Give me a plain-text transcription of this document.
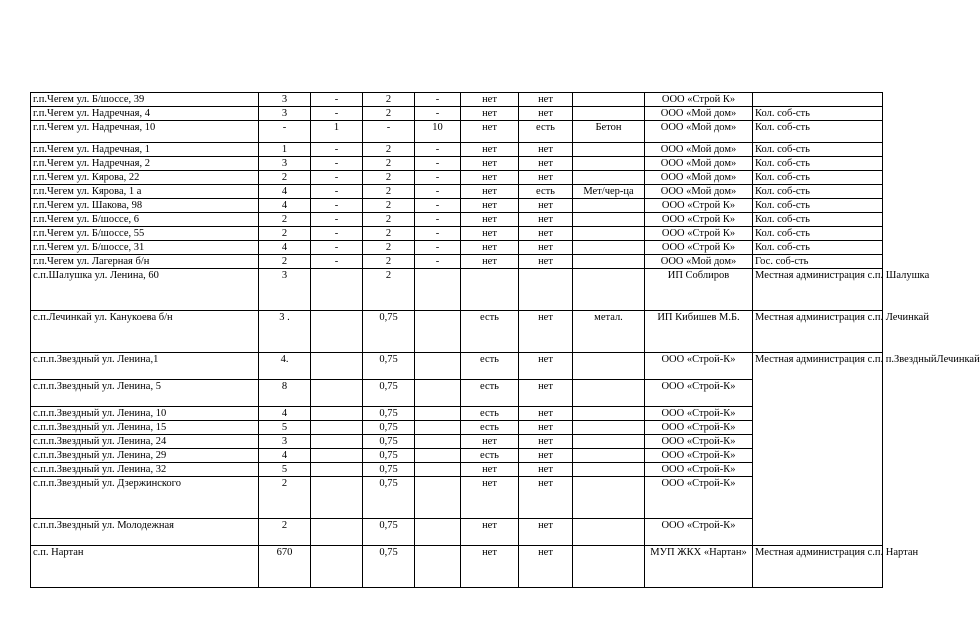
г.п.Чегем ул. Б/шоссе, 39	3	-	2	-	нет	нет		ООО «Строй К»	
г.п.Чегем ул. Надречная, 4	3	-	2	-	нет	нет		ООО «Мой дом»	Кол. соб-сть
г.п.Чегем ул. Надречная, 10	-	1	-	10	нет	есть	Бетон	ООО «Мой дом»	Кол. соб-сть
г.п.Чегем ул. Надречная, 1	1	-	2	-	нет	нет		ООО «Мой дом»	Кол. соб-сть
г.п.Чегем ул. Надречная, 2	3	-	2	-	нет	нет		ООО «Мой дом»	Кол. соб-сть
г.п.Чегем ул. Кярова, 22	2	-	2	-	нет	нет		ООО «Мой дом»	Кол. соб-сть
г.п.Чегем ул. Кярова, 1 а	4	-	2	-	нет	есть	Мет/чер-ца	ООО «Мой дом»	Кол. соб-сть
г.п.Чегем ул. Шакова, 98	4	-	2	-	нет	нет		ООО «Строй К»	Кол. соб-сть
г.п.Чегем ул. Б/шоссе, 6	2	-	2	-	нет	нет		ООО «Строй К»	Кол. соб-сть
г.п.Чегем ул. Б/шоссе, 55	2	-	2	-	нет	нет		ООО «Строй К»	Кол. соб-сть
г.п.Чегем ул. Б/шоссе, 31	4	-	2	-	нет	нет		ООО «Строй К»	Кол. соб-сть
г.п.Чегем ул. Лагерная б/н	2	-	2	-	нет	нет		ООО «Мой дом»	Гос. соб-сть
с.п.Шалушка ул. Ленина, 60	3		2					ИП Соблиров	Местная администрация с.п. Шалушка
с.п.Лечинкай ул. Канукоева б/н	3 .		0,75		есть	нет	метал.	ИП Кибишев М.Б.	Местная администрация с.п. Лечинкай
с.п.п.Звездный ул. Ленина,1	4.		0,75		есть	нет		ООО «Строй-К»	Местная администрация с.п. п.ЗвездныйЛечинкай
с.п.п.Звездный ул. Ленина, 5	8		0,75		есть	нет		ООО «Строй-К»	
с.п.п.Звездный ул. Ленина, 10	4		0,75		есть	нет		ООО «Строй-К»	
с.п.п.Звездный ул. Ленина, 15	5		0,75		есть	нет		ООО «Строй-К»	
с.п.п.Звездный ул. Ленина, 24	3		0,75		нет	нет		ООО «Строй-К»	
с.п.п.Звездный ул. Ленина, 29	4		0,75		есть	нет		ООО «Строй-К»	
с.п.п.Звездный ул. Ленина, 32	5		0,75		нет	нет		ООО «Строй-К»	
с.п.п.Звездный ул. Дзержинского	2		0,75		нет	нет		ООО «Строй-К»	
с.п.п.Звездный ул. Молодежная	2		0,75		нет	нет		ООО «Строй-К»	
с.п. Нартан	670		0,75		нет	нет		МУП ЖКХ «Нартан»	Местная администрация с.п. Нартан
